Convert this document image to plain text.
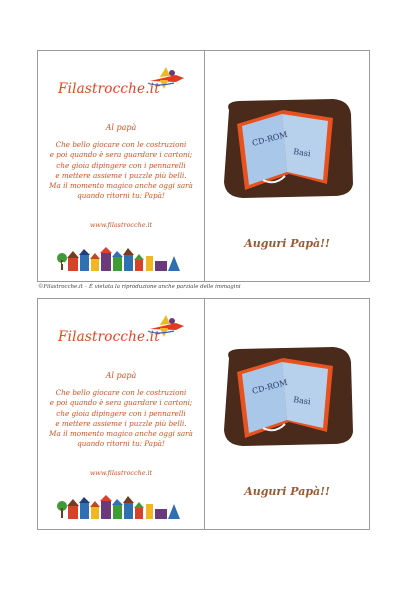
Filastrocche.it
Al papà
Che bello giocare con le costruzioni
e poi quando è sera guardare i cartoni;
che gioia dipingere con i pennarelli
e mettere assieme i puzzle più belli.
Ma il momento magico anche oggi sarà
quando ritorni tu: Papà!
www.filastrocche.it
CD-ROM
Basi
Auguri Papà!!
©Filastrocche.it – È vietata la riproduzione anche parziale delle immagini
Filastrocche.it
Al papà
Che bello giocare con le costruzioni
e poi quando è sera guardare i cartoni;
che gioia dipingere con i pennarelli
e mettere assieme i puzzle più belli.
Ma il momento magico anche oggi sarà
quando ritorni tu: Papà!
www.filastrocche.it
CD-ROM
Basi
Auguri Papà!!
